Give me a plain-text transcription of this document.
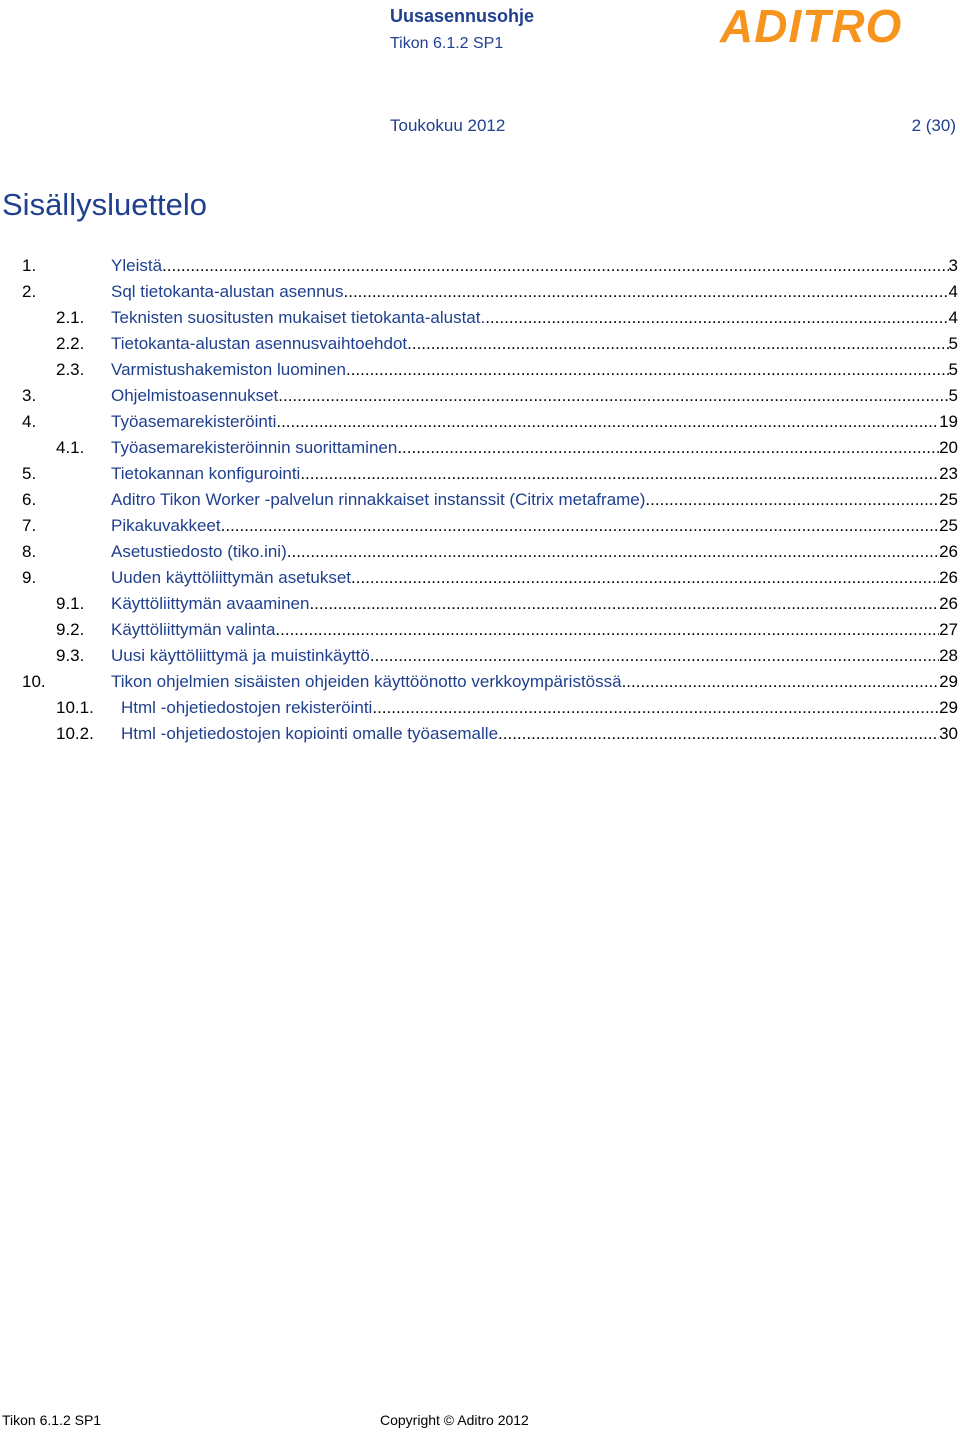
Uusasennusohje
Tikon 6.1.2 SP1	ADITRO
Toukokuu 2012	2 (30)
Sisällysluettelo
1.	Yleistä .....	3
2.	Sql tietokanta-alustan asennus .....	4
2.1. Teknisten suositusten mukaiset tietokanta-alustat. .....	4
2.2. Tietokanta-alustan asennusvaihtoehdot .....	5
2.3. Varmistushakemiston luominen .....	5
3.	Ohjelmistoasennukset .....	5
4.	Työasemarekisteröinti .....	19
4.1. Työasemarekisteröinnin suorittaminen .....	20
5.	Tietokannan konfigurointi .....	23
6.	Aditro Tikon Worker -palvelun rinnakkaiset instanssit (Citrix metaframe) .....	25
7.	Pikakuvakkeet .....	25
8.	Asetustiedosto (tiko.ini) .....	26
9.	Uuden käyttöliittymän asetukset .....	26
9.1. Käyttöliittymän avaaminen .....	26
9.2. Käyttöliittymän valinta .....	27
9.3. Uusi käyttöliittymä ja muistinkäyttö .....	28
10.	Tikon ohjelmien sisäisten ohjeiden käyttöönotto verkkoympäristössä .....	29
10.1. Html -ohjetiedostojen rekisteröinti .....	29
10.2. Html -ohjetiedostojen kopiointi omalle työasemalle .....	30
Tikon 6.1.2 SP1	Copyright © Aditro 2012
